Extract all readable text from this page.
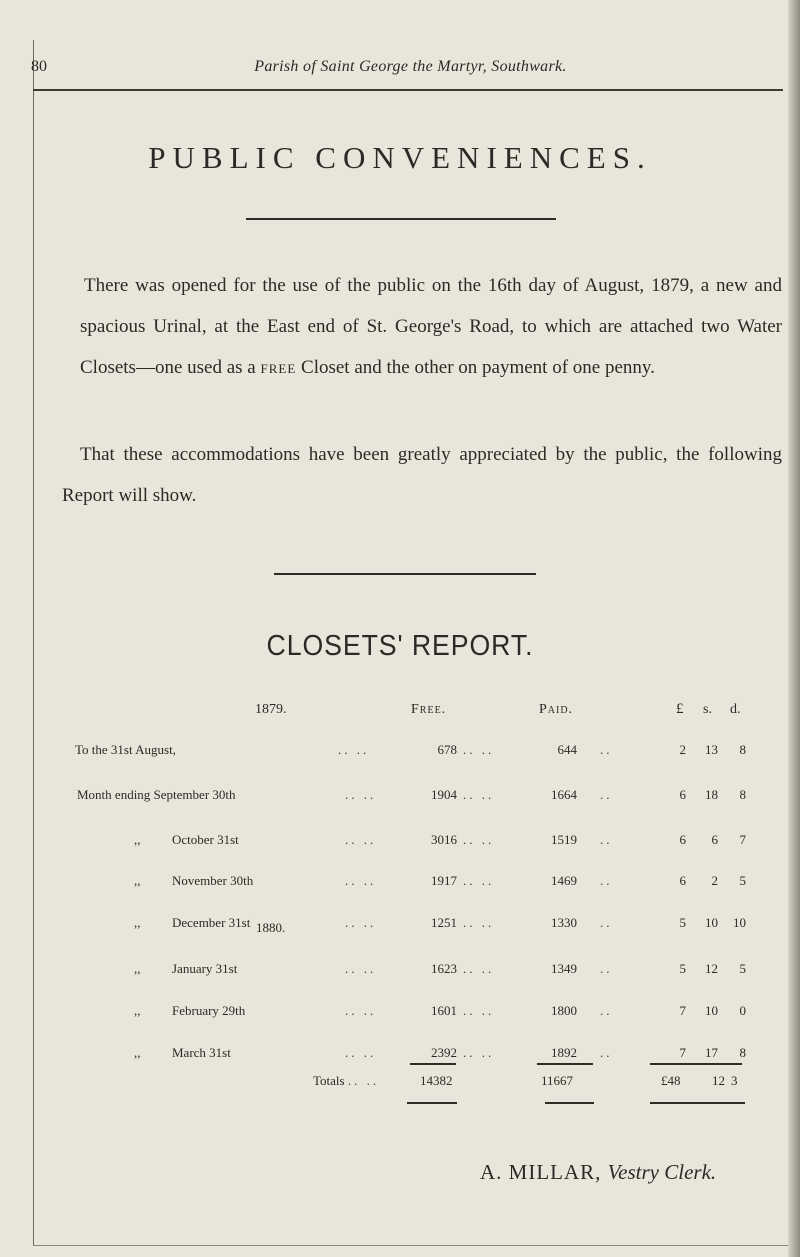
80	Parish of Saint George the Martyr, Southwark.
PUBLIC CONVENIENCES.
There was opened for the use of the public on the 16th day of August, 1879, a new and spacious Urinal, at the East end of St. George's Road, to which are attached two Water Closets—one used as a free Closet and the other on payment of one penny.
That these accommodations have been greatly appreciated by the public, the following Report will show.
CLOSETS' REPORT.
1879.	Free.	Paid.	£ s. d.
To the 31st August,	.. ..	678 .. ..	644 ..	2	13	8
Month ending September 30th	.. ..	1904 .. ..	1664 ..	6	18	8
,, October 31st	.. ..	3016 .. ..	1519 ..	6	6	7
,, November 30th	.. ..	1917 .. ..	1469 ..	6	2	5
,, December 31st	.. ..	1251 .. ..	1330 ..	5	10	10
,, January 31st	.. ..	1623 .. ..	1349 ..	5	12	5
,, February 29th	.. ..	1601 .. ..	1800 ..	7	10	0
,, March 31st	.. ..	2392 .. ..	1892 ..	7	17	8
1880.
Totals .. ..	14382	11667	£48 12 3
A. MILLAR, Vestry Clerk.
